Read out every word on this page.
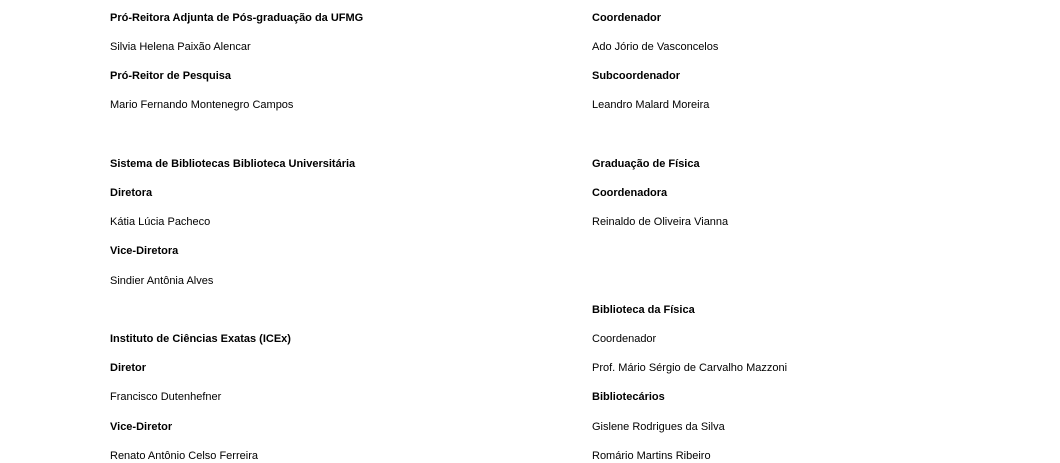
Pró-Reitora Adjunta de Pós-graduação da UFMG
Silvia Helena Paixão Alencar
Pró-Reitor de Pesquisa
Mario Fernando Montenegro Campos
Sistema de Bibliotecas Biblioteca Universitária
Diretora
Kátia Lúcia Pacheco
Vice-Diretora
Sindier Antônia Alves
Instituto de Ciências Exatas (ICEx)
Diretor
Francisco Dutenhefner
Vice-Diretor
Renato Antônio Celso Ferreira
Coordenador
Ado Jório de Vasconcelos
Subcoordenador
Leandro Malard Moreira
Graduação de Física
Coordenadora
Reinaldo de Oliveira Vianna
Biblioteca da Física
Coordenador
Prof. Mário Sérgio de Carvalho Mazzoni
Bibliotecários
Gislene Rodrigues da Silva
Romário Martins Ribeiro
